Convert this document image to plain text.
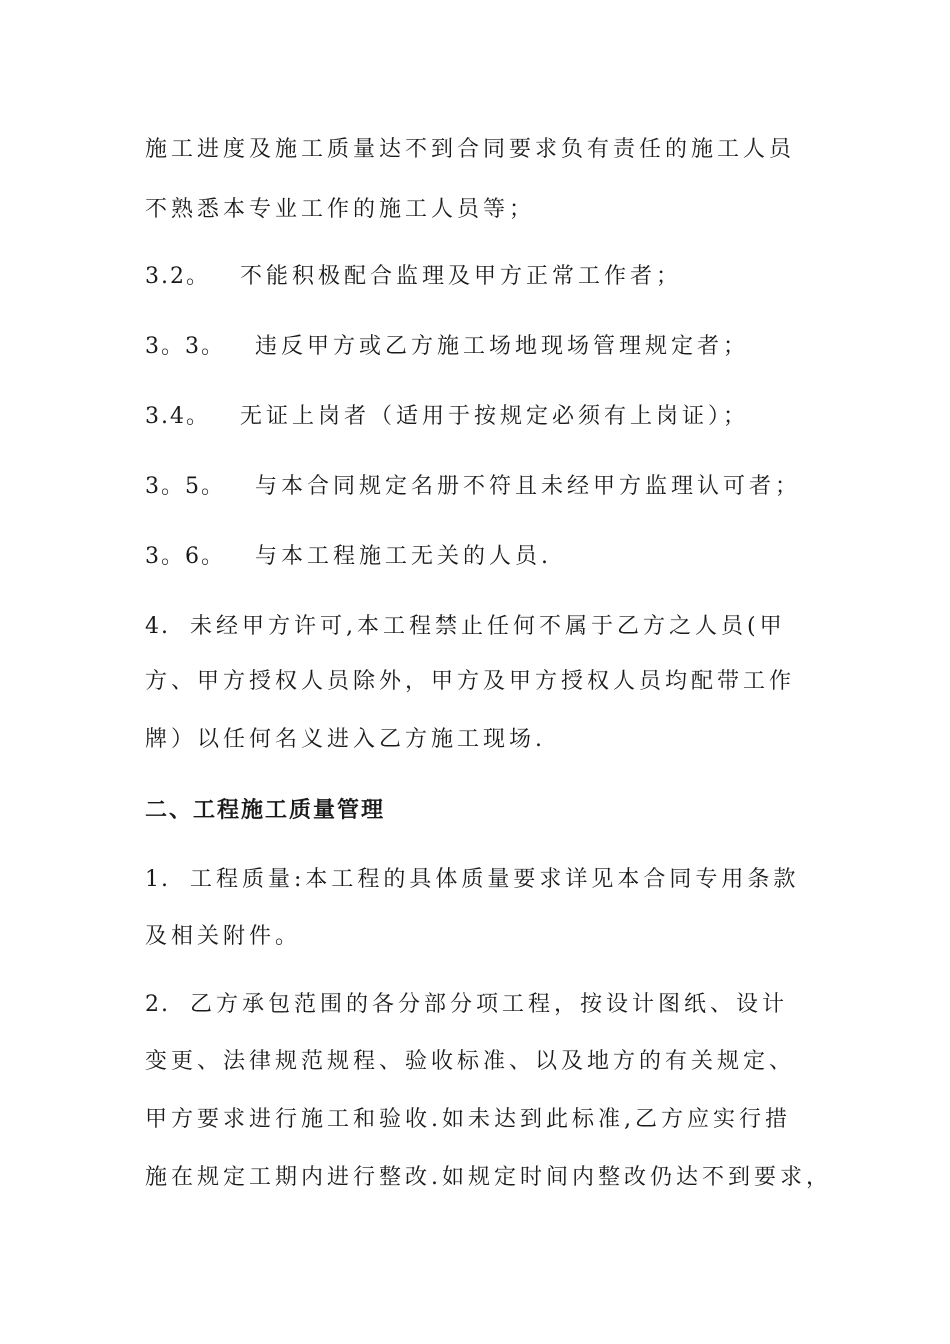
施工进度及施工质量达不到合同要求负有责任的施工人员
不熟悉本专业工作的施工人员等；
3.2。 不能积极配合监理及甲方正常工作者；
3。3。 违反甲方或乙方施工场地现场管理规定者；
3.4。 无证上岗者（适用于按规定必须有上岗证）；
3。5。 与本合同规定名册不符且未经甲方监理认可者；
3。6。 与本工程施工无关的人员.
4. 未经甲方许可,本工程禁止任何不属于乙方之人员(甲
方、甲方授权人员除外，甲方及甲方授权人员均配带工作
牌）以任何名义进入乙方施工现场.
二、工程施工质量管理
1. 工程质量:本工程的具体质量要求详见本合同专用条款
及相关附件。
2. 乙方承包范围的各分部分项工程，按设计图纸、设计
变更、法律规范规程、验收标准、以及地方的有关规定、
甲方要求进行施工和验收.如未达到此标准,乙方应实行措
施在规定工期内进行整改.如规定时间内整改仍达不到要求，
